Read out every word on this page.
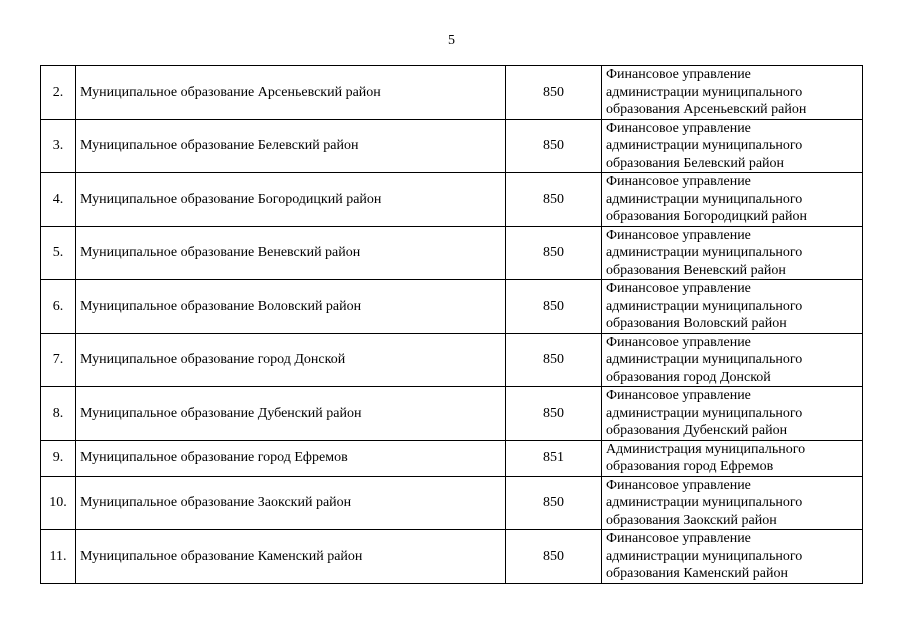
5
2.	Муниципальное образование Арсеньевский район	850	Финансовое управление
администрации муниципального
образования Арсеньевский район
3.	Муниципальное образование Белевский район	850	Финансовое управление
администрации муниципального
образования Белевский район
4.	Муниципальное образование Богородицкий район	850	Финансовое управление
администрации муниципального
образования Богородицкий район
5.	Муниципальное образование Веневский район	850	Финансовое управление
администрации муниципального
образования Веневский район
6.	Муниципальное образование Воловский район	850	Финансовое управление
администрации муниципального
образования Воловский район
7.	Муниципальное образование город Донской	850	Финансовое управление
администрации муниципального
образования город Донской
8.	Муниципальное образование Дубенский район	850	Финансовое управление
администрации муниципального
образования Дубенский район
9.	Муниципальное образование город Ефремов	851	Администрация муниципального
образования город Ефремов
10.	Муниципальное образование Заокский район	850	Финансовое управление
администрации муниципального
образования Заокский район
11.	Муниципальное образование Каменский район	850	Финансовое управление
администрации муниципального
образования Каменский район
